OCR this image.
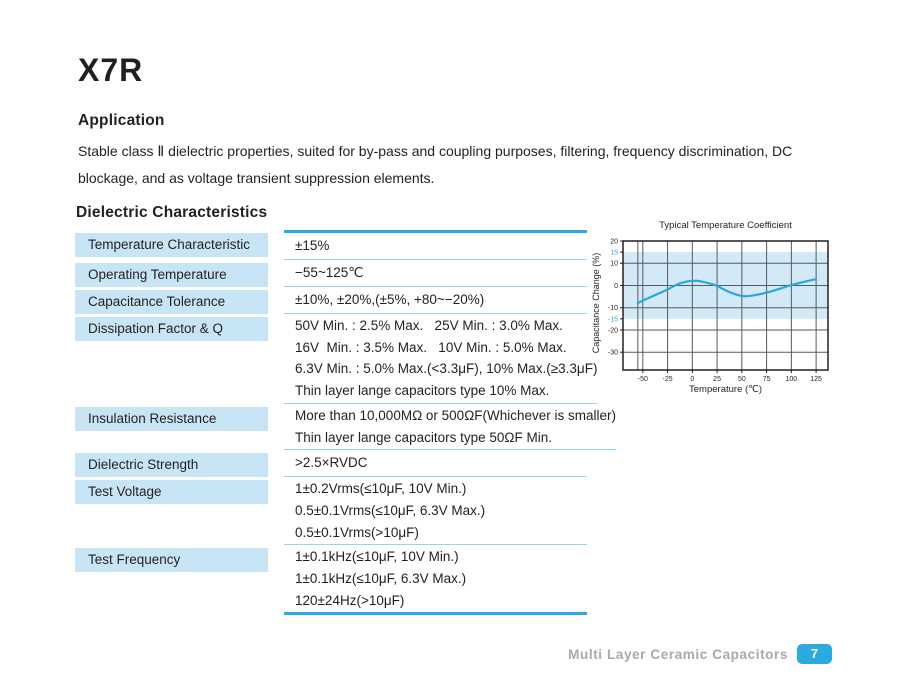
X7R
Application
Stable class Ⅱ dielectric properties, suited for by-pass and coupling purposes, filtering, frequency discrimination, DC
blockage, and as voltage transient suppression elements.
Dielectric Characteristics
Temperature Characteristic	±15%
Operating Temperature	−55~125℃
Capacitance Tolerance	±10%, ±20%,(±5%, +80~−20%)
Dissipation Factor & Q	50V Min. : 2.5% Max.   25V Min. : 3.0% Max.
16V  Min. : 3.5% Max.   10V Min. : 5.0% Max.
6.3V Min. : 5.0% Max.(<3.3μF), 10% Max.(≥3.3μF)
Thin layer lange capacitors type 10% Max.
Insulation Resistance	More than 10,000MΩ or 500ΩF(Whichever is smaller)
Thin layer lange capacitors type 50ΩF Min.
Dielectric Strength	>2.5×RVDC
Test Voltage	1±0.2Vrms(≤10μF, 10V Min.)
0.5±0.1Vrms(≤10μF, 6.3V Max.)
0.5±0.1Vrms(>10μF)
Test Frequency	1±0.1kHz(≤10μF, 10V Min.)
1±0.1kHz(≤10μF, 6.3V Max.)
120±24Hz(>10μF)
Typical Temperature Coefficient
Capacitance Change (%)
-50 -25	0	25 50 75 100 125
20
15
10
0
-10
-15
-20
-30
Temperature (℃)
Multi Layer Ceramic Capacitors	7
